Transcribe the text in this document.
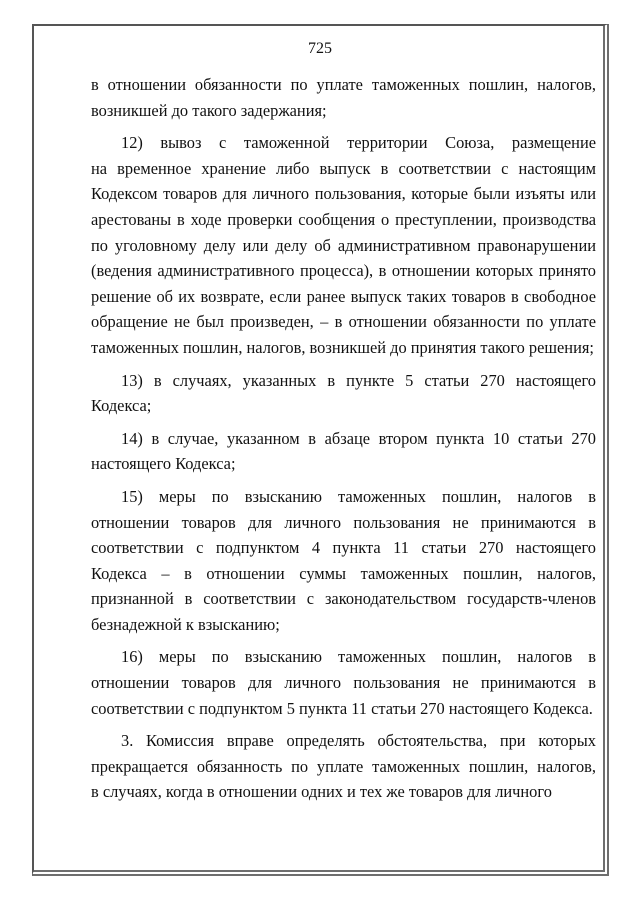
725
в отношении обязанности по уплате таможенных пошлин, налогов,
возникшей до такого задержания;
12) вывоз с таможенной территории Союза, размещение
на временное хранение либо выпуск в соответствии с настоящим
Кодексом товаров для личного пользования, которые были изъяты или
арестованы в ходе проверки сообщения о преступлении, производства
по уголовному делу или делу об административном правонарушении
(ведения административного процесса), в отношении которых принято
решение об их возврате, если ранее выпуск таких товаров в свободное
обращение не был произведен, – в отношении обязанности по уплате
таможенных пошлин, налогов, возникшей до принятия такого решения;
13) в случаях, указанных в пункте 5 статьи 270 настоящего
Кодекса;
14) в случае, указанном в абзаце втором пункта 10 статьи 270
настоящего Кодекса;
15) меры по взысканию таможенных пошлин, налогов в
отношении товаров для личного пользования не принимаются в
соответствии с подпунктом 4 пункта 11 статьи 270 настоящего
Кодекса – в отношении суммы таможенных пошлин, налогов,
признанной в соответствии с законодательством государств-членов
безнадежной к взысканию;
16) меры по взысканию таможенных пошлин, налогов в
отношении товаров для личного пользования не принимаются в
соответствии с подпунктом 5 пункта 11 статьи 270 настоящего Кодекса.
3. Комиссия вправе определять обстоятельства, при которых
прекращается обязанность по уплате таможенных пошлин, налогов,
в случаях, когда в отношении одних и тех же товаров для личного
